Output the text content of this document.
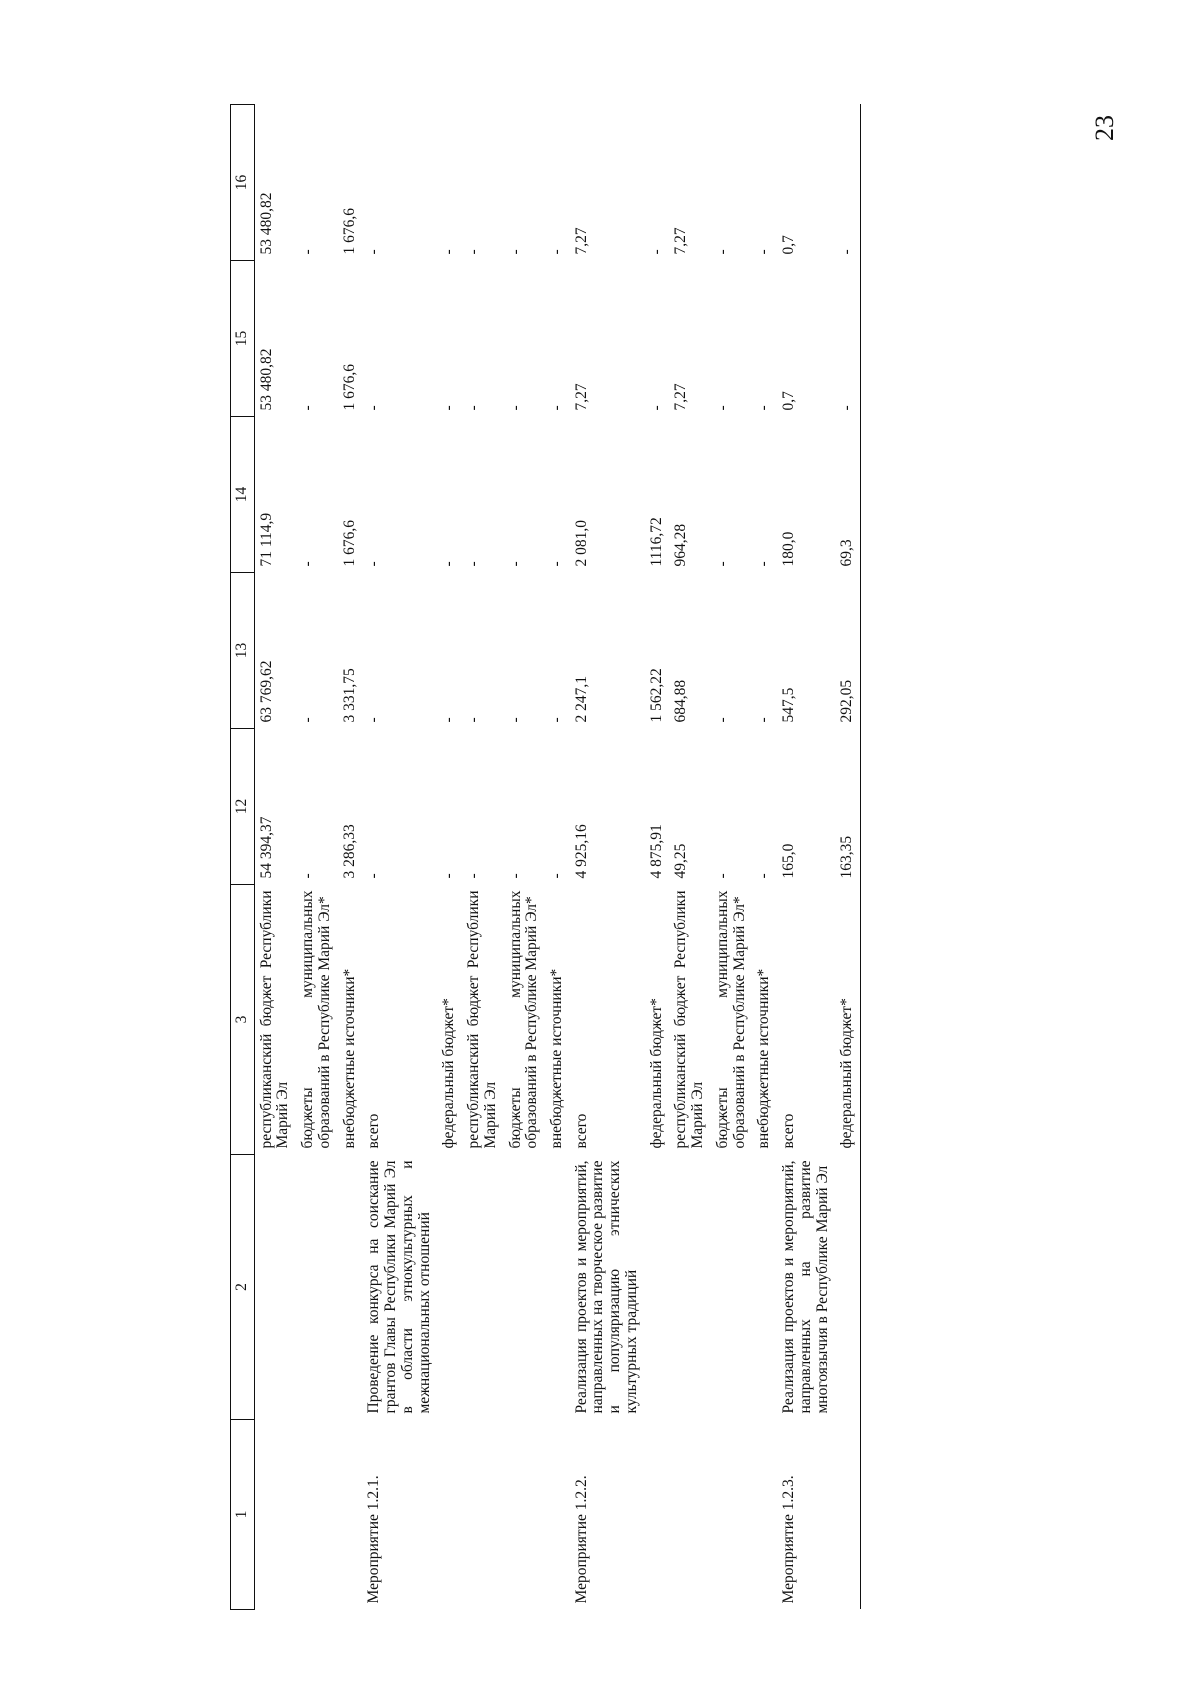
23
1	2	3	12	13	14	15	16
		республиканский бюджет Республики Марий Эл	54 394,37	63 769,62	71 114,9	53 480,82	53 480,82
		бюджеты муниципальных образований в Республике Марий Эл*	-	-	-	-	-
		внебюджетные источники*	3 286,33	3 331,75	1 676,6	1 676,6	1 676,6
Мероприятие 1.2.1.	Проведение конкурса на соискание грантов Главы Республики Марий Эл в области этнокультурных и межнациональных отношений	всего	-	-	-	-	-
		федеральный бюджет*	-	-	-	-	-
		республиканский бюджет Республики Марий Эл	-	-	-	-	-
		бюджеты муниципальных образований в Республике Марий Эл*	-	-	-	-	-
		внебюджетные источники*	-	-	-	-	-
Мероприятие 1.2.2.	Реализация проектов и мероприятий, направленных на творческое развитие и популяризацию этнических культурных традиций	всего	4 925,16	2 247,1	2 081,0	7,27	7,27
		федеральный бюджет*	4 875,91	1 562,22	1116,72	-	-
		республиканский бюджет Республики Марий Эл	49,25	684,88	964,28	7,27	7,27
		бюджеты муниципальных образований в Республике Марий Эл*	-	-	-	-	-
		внебюджетные источники*	-	-	-	-	-
Мероприятие 1.2.3.	Реализация проектов и мероприятий, направленных на развитие многоязычия в Республике Марий Эл	всего	165,0	547,5	180,0	0,7	0,7
		федеральный бюджет*	163,35	292,05	69,3	-	-
